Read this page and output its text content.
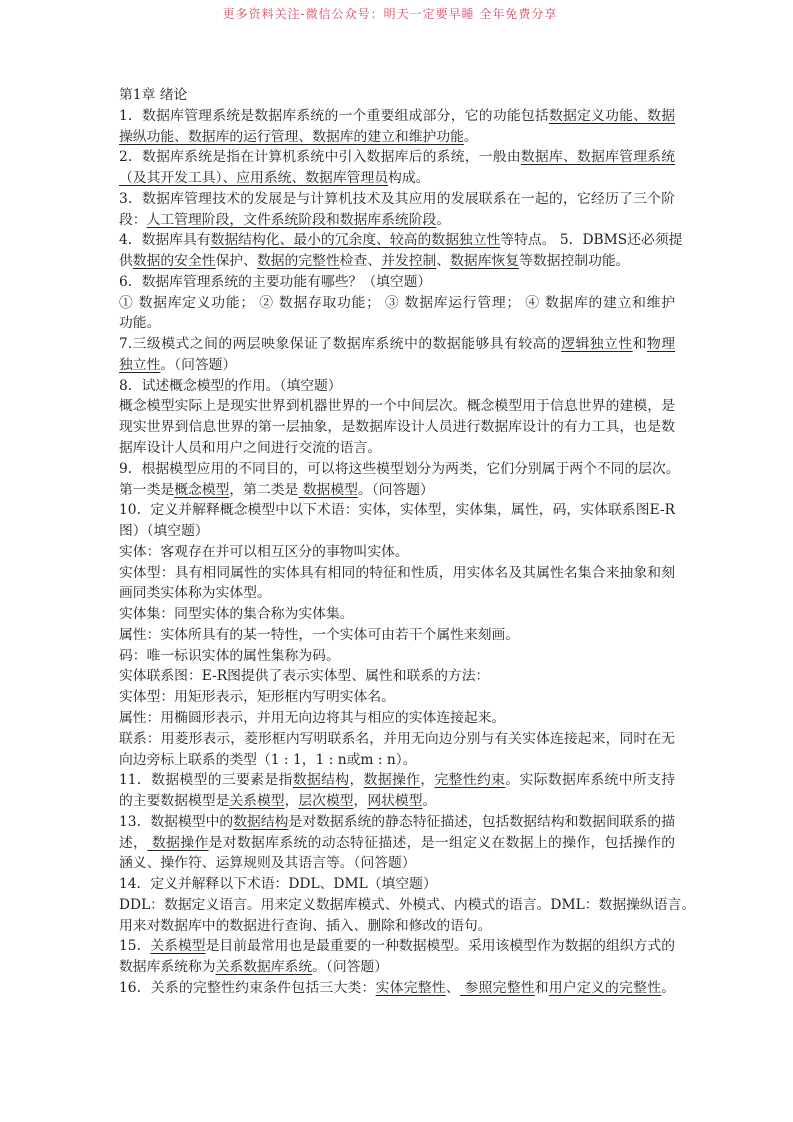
更多资料关注-微信公众号：明天一定要早睡 全年免费分享
第1章 绪论
1．数据库管理系统是数据库系统的一个重要组成部分，它的功能包括数据定义功能、数据
操纵功能、数据库的运行管理、数据库的建立和维护功能。
2．数据库系统是指在计算机系统中引入数据库后的系统，一般由数据库、数据库管理系统
（及其开发工具）、应用系统、数据库管理员构成。
3．数据库管理技术的发展是与计算机技术及其应用的发展联系在一起的，它经历了三个阶
段：人工管理阶段，文件系统阶段和数据库系统阶段。
4．数据库具有数据结构化、最小的冗余度、较高的数据独立性等特点。 5．DBMS还必须提
供数据的安全性保护、数据的完整性检查、并发控制、数据库恢复等数据控制功能。
6．数据库管理系统的主要功能有哪些？（填空题）
① 数据库定义功能； ② 数据存取功能； ③ 数据库运行管理； ④ 数据库的建立和维护
功能。
7.三级模式之间的两层映象保证了数据库系统中的数据能够具有较高的逻辑独立性和物理
独立性。（问答题）
8．试述概念模型的作用。（填空题）
概念模型实际上是现实世界到机器世界的一个中间层次。概念模型用于信息世界的建模，是
现实世界到信息世界的第一层抽象，是数据库设计人员进行数据库设计的有力工具，也是数
据库设计人员和用户之间进行交流的语言。
9．根据模型应用的不同目的，可以将这些模型划分为两类，它们分别属于两个不同的层次。
第一类是概念模型，第二类是 数据模型。（问答题）
10．定义并解释概念模型中以下术语：实体，实体型，实体集，属性，码，实体联系图E-R
图）（填空题）
实体：客观存在并可以相互区分的事物叫实体。
实体型：具有相同属性的实体具有相同的特征和性质，用实体名及其属性名集合来抽象和刻
画同类实体称为实体型。
实体集：同型实体的集合称为实体集。
属性：实体所具有的某一特性，一个实体可由若干个属性来刻画。
码：唯一标识实体的属性集称为码。
实体联系图：E-R图提供了表示实体型、属性和联系的方法：
实体型：用矩形表示，矩形框内写明实体名。
属性：用椭圆形表示，并用无向边将其与相应的实体连接起来。
联系：用菱形表示，菱形框内写明联系名，并用无向边分别与有关实体连接起来，同时在无
向边旁标上联系的类型（1 : 1，1 : n或m : n）。
11．数据模型的三要素是指数据结构，数据操作，完整性约束。实际数据库系统中所支持
的主要数据模型是关系模型，层次模型，网状模型。
13．数据模型中的数据结构是对数据系统的静态特征描述，包括数据结构和数据间联系的描
述， 数据操作是对数据库系统的动态特征描述，是一组定义在数据上的操作，包括操作的
涵义、操作符、运算规则及其语言等。（问答题）
14．定义并解释以下术语：DDL、DML（填空题）
DDL：数据定义语言。用来定义数据库模式、外模式、内模式的语言。DML：数据操纵语言。
用来对数据库中的数据进行查询、插入、删除和修改的语句。
15．关系模型是目前最常用也是最重要的一种数据模型。采用该模型作为数据的组织方式的
数据库系统称为关系数据库系统。（问答题）
16．关系的完整性约束条件包括三大类：实体完整性、 参照完整性和用户定义的完整性。
